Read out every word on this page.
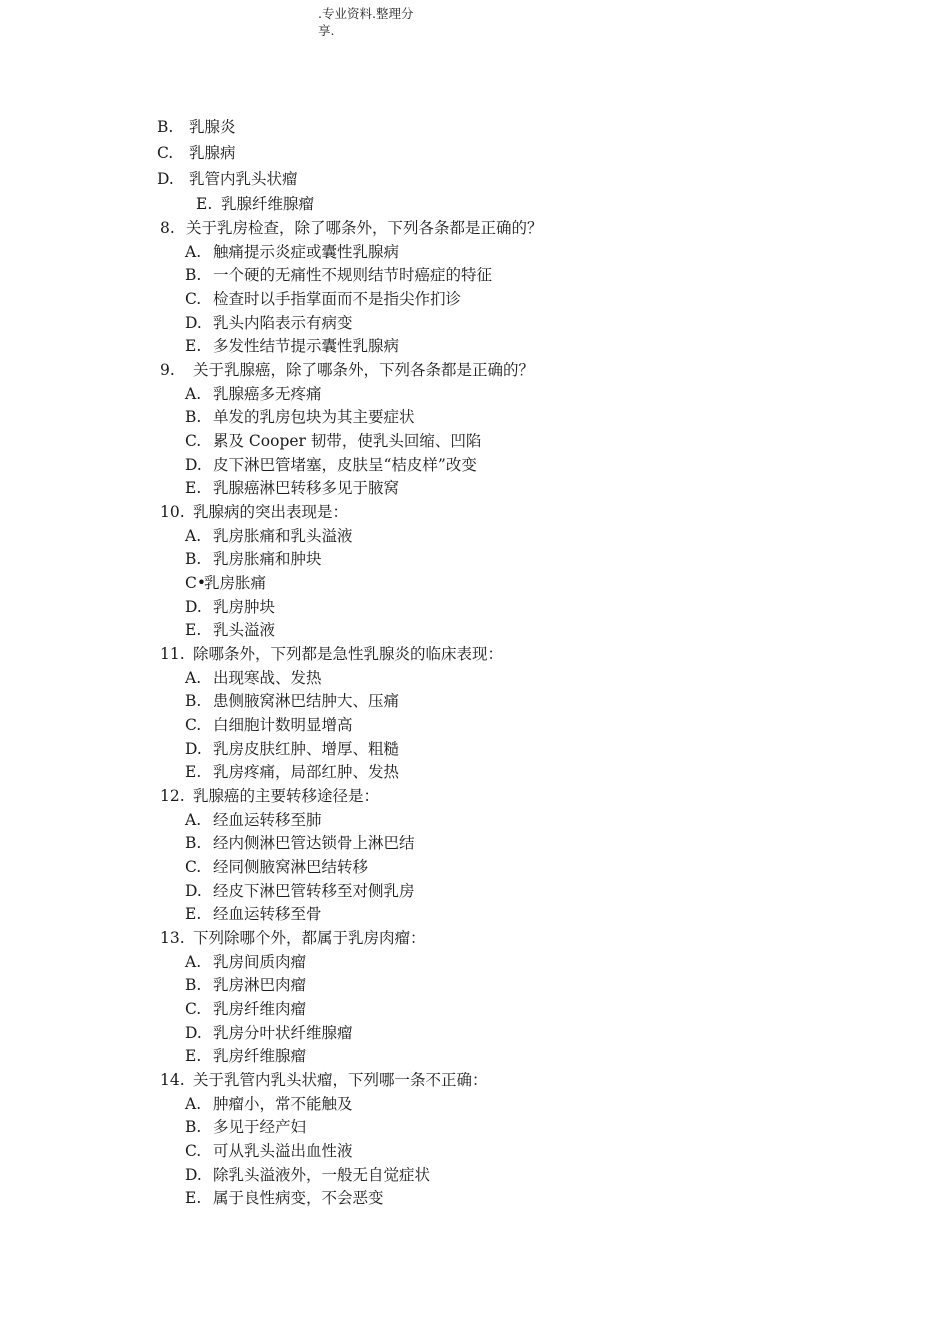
.专业资料.整理分
享.
B. 乳腺炎
C. 乳腺病
D. 乳管内乳头状瘤
E. 乳腺纤维腺瘤
8. 关于乳房检查，除了哪条外，下列各条都是正确的？
A. 触痛提示炎症或囊性乳腺病
B. 一个硬的无痛性不规则结节时癌症的特征
C. 检查时以手指掌面而不是指尖作扪诊
D. 乳头内陷表示有病变
E. 多发性结节提示囊性乳腺病
9. 关于乳腺癌，除了哪条外，下列各条都是正确的？
A. 乳腺癌多无疼痛
B. 单发的乳房包块为其主要症状
C. 累及 Cooper 韧带，使乳头回缩、凹陷
D. 皮下淋巴管堵塞，皮肤呈“桔皮样”改变
E. 乳腺癌淋巴转移多见于腋窝
10. 乳腺病的突出表现是：
A. 乳房胀痛和乳头溢液
B. 乳房胀痛和肿块
C•乳房胀痛
D. 乳房肿块
E. 乳头溢液
11. 除哪条外，下列都是急性乳腺炎的临床表现：
A. 出现寒战、发热
B. 患侧腋窝淋巴结肿大、压痛
C. 白细胞计数明显增高
D. 乳房皮肤红肿、增厚、粗糙
E. 乳房疼痛，局部红肿、发热
12. 乳腺癌的主要转移途径是：
A. 经血运转移至肺
B. 经内侧淋巴管达锁骨上淋巴结
C. 经同侧腋窝淋巴结转移
D. 经皮下淋巴管转移至对侧乳房
E. 经血运转移至骨
13. 下列除哪个外，都属于乳房肉瘤：
A. 乳房间质肉瘤
B. 乳房淋巴肉瘤
C. 乳房纤维肉瘤
D. 乳房分叶状纤维腺瘤
E. 乳房纤维腺瘤
14. 关于乳管内乳头状瘤，下列哪一条不正确：
A. 肿瘤小，常不能触及
B. 多见于经产妇
C. 可从乳头溢出血性液
D. 除乳头溢液外，一般无自觉症状
E. 属于良性病变，不会恶变
